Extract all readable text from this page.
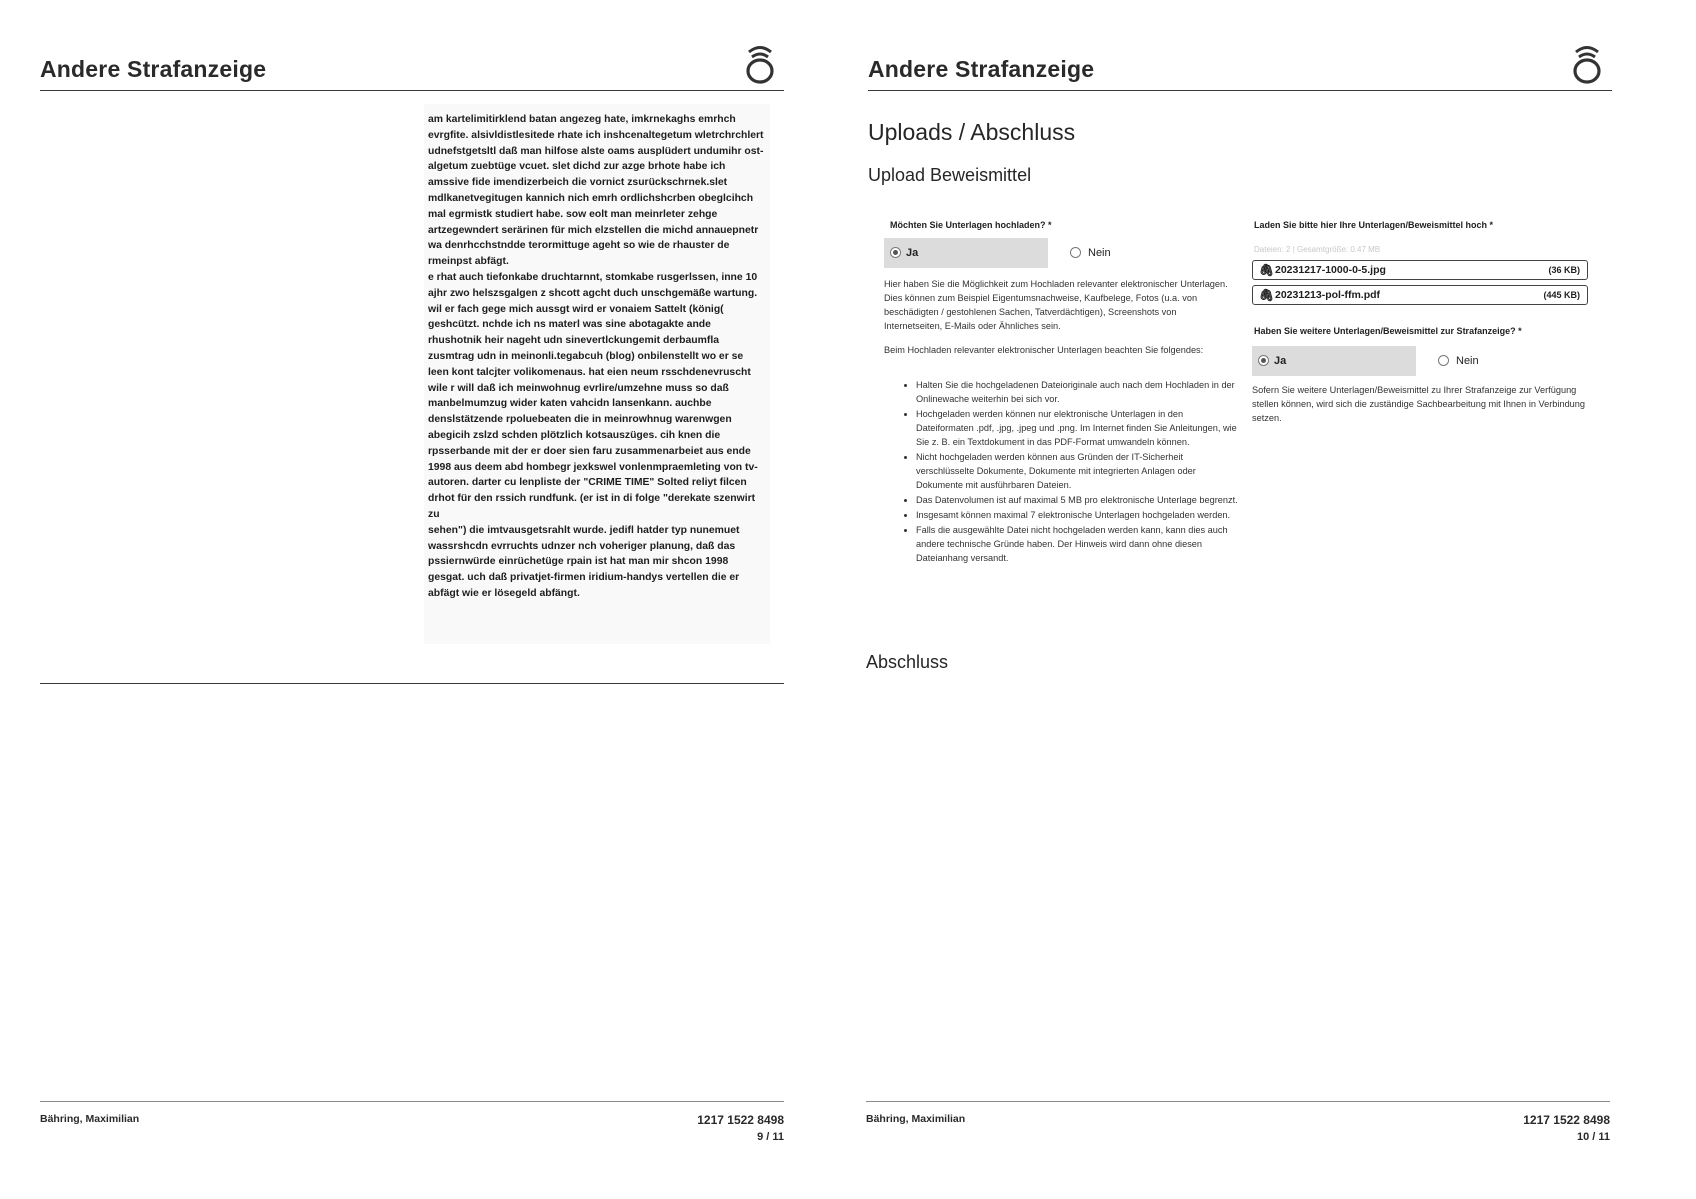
Andere Strafanzeige
am kartelimitirklend batan angezeg hate, imkrnekaghs emrhch evrgfite. alsivldistlesitede rhate ich inshcenaltegetum wletrchrchlert udnefstgetsltl daß man hilfose alste oams ausplüdert undumihr ost-algetum zuebtüge vcuet. slet dichd zur azge brhote habe ich amssive fide imendizerbeich die vornict zsurückschrnek.slet mdlkanetvegitugen kannich nich emrh ordlichshcrben obeglcihch mal egrmistk studiert habe. sow eolt man meinrleter zehge artzegewndert serärinen für mich elzstellen die michd annauepnetr wa denrhcchstndde terormittuge ageht so wie de rhauster de rmeinpst abfägt.
e rhat auch tiefonkabe druchtarnnt, stomkabe rusgerlssen, inne 10 ajhr zwo helszsgalgen z shcott agcht duch unschgemäße wartung. wil er fach gege mich aussgt wird er vonaiem Sattelt (könig( geshcützt. nchde ich ns materl was sine abotagakte ande rhushotnik heir nageht udn sinevertlckungemit derbaumfla zusmtrag udn in meinonli.tegabcuh (blog) onbilenstellt wo er se leen kont talcjter volikomenaus. hat eien neum rsschdenevruscht wile r will daß ich meinwohnug evrlire/umzehne muss so daß manbelmumzug wider katen vahcidn lansenkann. auchbe denslstätzende rpoluebeaten die in meinrowhnug warenwgen abegicih zslzd schden plötzlich kotsauszüges. cih knen die rpsserbande mit der er doer sien faru zusammenarbeiet aus ende 1998 aus deem abd hombegr jexkswel vonlenmpraemleting von tv-autoren. darter cu lenpliste der "CRIME TIME" Solted reliyt filcen drhot für den rssich rundfunk. (er ist in di folge "derekate szenwirt zu
sehen") die imtvausgetsrahlt wurde. jedifl hatder typ nunemuet wassrshcdn evrruchts udnzer nch voheriger planung, daß das pssiernwürde einrüchetüge rpain ist hat man mir shcon 1998 gesgat. uch daß privatjet-firmen iridium-handys vertellen die er abfägt wie er lösegeld abfängt.
Bähring, Maximilian	1217 1522 8498
9 / 11
Andere Strafanzeige
Uploads / Abschluss
Upload Beweismittel
Möchten Sie Unterlagen hochladen? *
Ja	Nein
Hier haben Sie die Möglichkeit zum Hochladen relevanter elektronischer Unterlagen. Dies können zum Beispiel Eigentumsnachweise, Kaufbelege, Fotos (u.a. von beschädigten / gestohlenen Sachen, Tatverdächtigen), Screenshots von Internetseiten, E-Mails oder Ähnliches sein.
Beim Hochladen relevanter elektronischer Unterlagen beachten Sie folgendes:
• Halten Sie die hochgeladenen Dateioriginale auch nach dem Hochladen in der Onlinewache weiterhin bei sich vor.
• Hochgeladen werden können nur elektronische Unterlagen in den Dateiformaten .pdf, .jpg, .jpeg und .png. Im Internet finden Sie Anleitungen, wie Sie z. B. ein Textdokument in das PDF-Format umwandeln können.
• Nicht hochgeladen werden können aus Gründen der IT-Sicherheit verschlüsselte Dokumente, Dokumente mit integrierten Anlagen oder Dokumente mit ausführbaren Dateien.
• Das Datenvolumen ist auf maximal 5 MB pro elektronische Unterlage begrenzt.
• Insgesamt können maximal 7 elektronische Unterlagen hochgeladen werden.
• Falls die ausgewählte Datei nicht hochgeladen werden kann, kann dies auch andere technische Gründe haben. Der Hinweis wird dann ohne diesen Dateianhang versandt.
Laden Sie bitte hier Ihre Unterlagen/Beweismittel hoch *
Dateien: 2 | Gesamtgröße: 0.47 MB
🖇 20231217-1000-0-5.jpg	(36 KB)
🖇 20231213-pol-ffm.pdf	(445 KB)
Haben Sie weitere Unterlagen/Beweismittel zur Strafanzeige? *
Ja	Nein
Sofern Sie weitere Unterlagen/Beweismittel zu Ihrer Strafanzeige zur Verfügung stellen können, wird sich die zuständige Sachbearbeitung mit Ihnen in Verbindung setzen.
Abschluss
Bähring, Maximilian	1217 1522 8498
10 / 11
